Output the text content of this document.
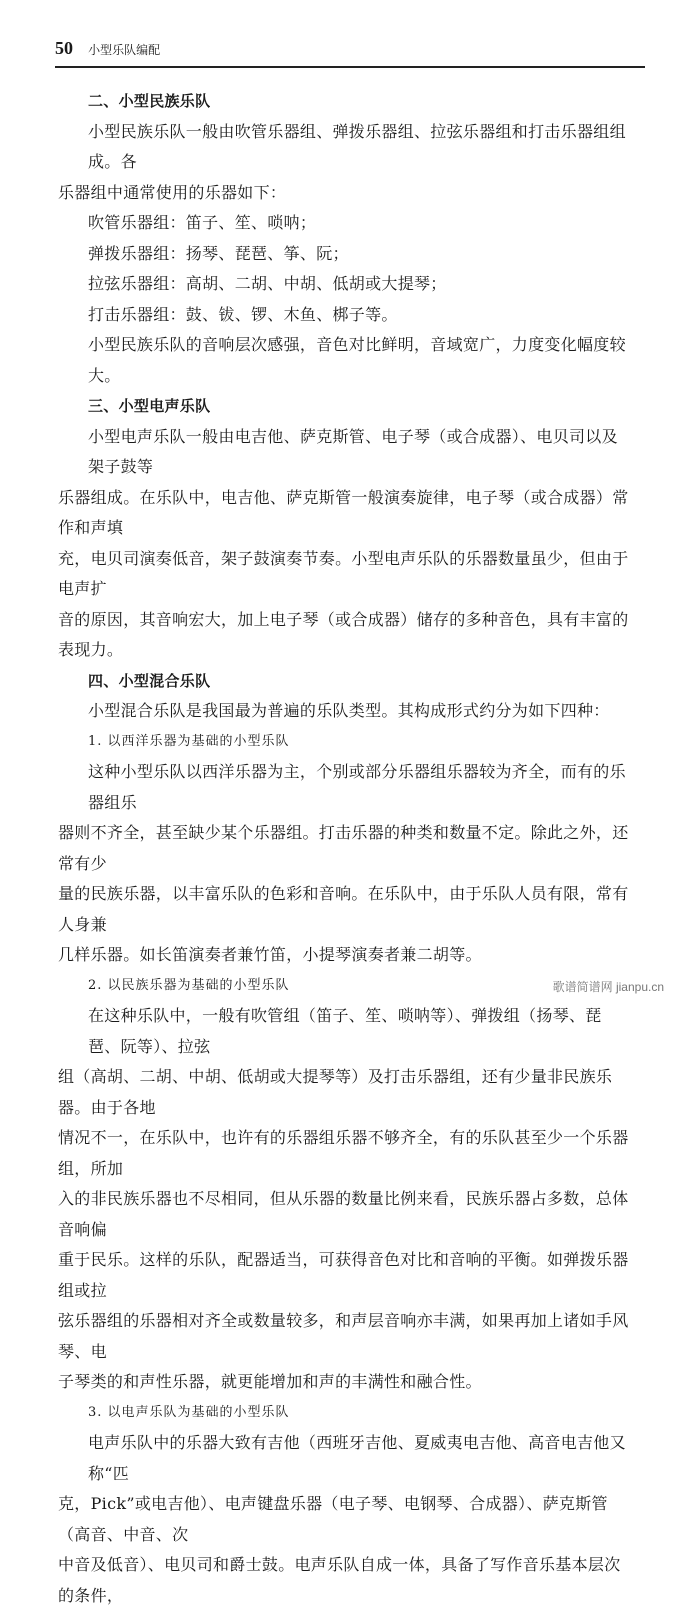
50 小型乐队编配

二、小型民族乐队

小型民族乐队一般由吹管乐器组、弹拨乐器组、拉弦乐器组和打击乐器组组成。各

乐器组中通常使用的乐器如下：

吹管乐器组：笛子、笙、唢呐；

弹拨乐器组：扬琴、琵琶、筝、阮；

拉弦乐器组：高胡、二胡、中胡、低胡或大提琴；

打击乐器组：鼓、钹、锣、木鱼、梆子等。

小型民族乐队的音响层次感强，音色对比鲜明，音域宽广，力度变化幅度较大。

三、小型电声乐队

小型电声乐队一般由电吉他、萨克斯管、电子琴（或合成器）、电贝司以及架子鼓等

乐器组成。在乐队中，电吉他、萨克斯管一般演奏旋律，电子琴（或合成器）常作和声填

充，电贝司演奏低音，架子鼓演奏节奏。小型电声乐队的乐器数量虽少，但由于电声扩

音的原因，其音响宏大，加上电子琴（或合成器）储存的多种音色，具有丰富的表现力。

四、小型混合乐队

小型混合乐队是我国最为普遍的乐队类型。其构成形式约分为如下四种：

1. 以西洋乐器为基础的小型乐队

这种小型乐队以西洋乐器为主，个别或部分乐器组乐器较为齐全，而有的乐器组乐

器则不齐全，甚至缺少某个乐器组。打击乐器的种类和数量不定。除此之外，还常有少

量的民族乐器，以丰富乐队的色彩和音响。在乐队中，由于乐队人员有限，常有人身兼

几样乐器。如长笛演奏者兼竹笛，小提琴演奏者兼二胡等。

2. 以民族乐器为基础的小型乐队

在这种乐队中，一般有吹管组（笛子、笙、唢呐等）、弹拨组（扬琴、琵琶、阮等）、拉弦

组（高胡、二胡、中胡、低胡或大提琴等）及打击乐器组，还有少量非民族乐器。由于各地

情况不一，在乐队中，也许有的乐器组乐器不够齐全，有的乐队甚至少一个乐器组，所加

入的非民族乐器也不尽相同，但从乐器的数量比例来看，民族乐器占多数，总体音响偏

重于民乐。这样的乐队，配器适当，可获得音色对比和音响的平衡。如弹拨乐器组或拉

弦乐器组的乐器相对齐全或数量较多，和声层音响亦丰满，如果再加上诸如手风琴、电

子琴类的和声性乐器，就更能增加和声的丰满性和融合性。

3. 以电声乐队为基础的小型乐队

电声乐队中的乐器大致有吉他（西班牙吉他、夏威夷电吉他、高音电吉他又称“匹

克，Pick”或电吉他）、电声键盘乐器（电子琴、电钢琴、合成器）、萨克斯管（高音、中音、次

中音及低音）、电贝司和爵士鼓。电声乐队自成一体，具备了写作音乐基本层次的条件，

歌谱简谱网 jianpu.cn
